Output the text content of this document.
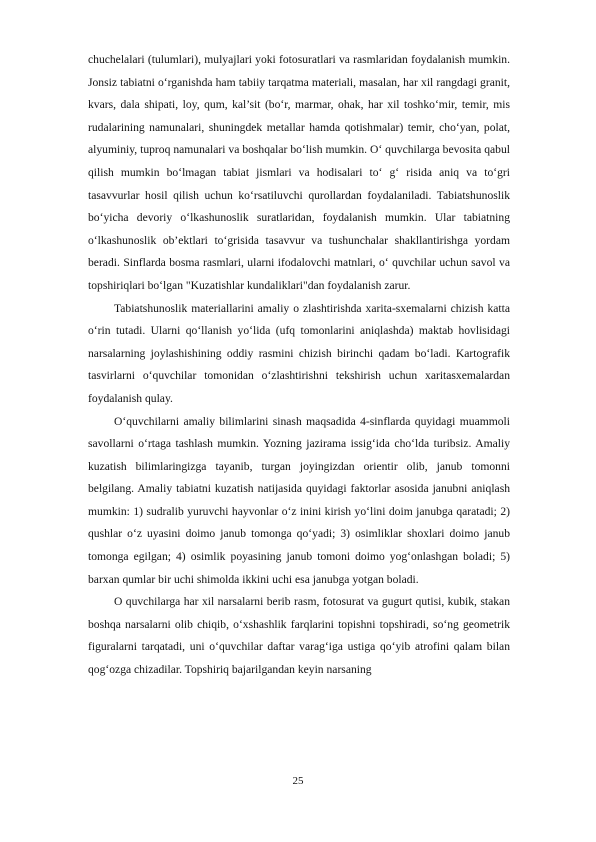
chuchelalari (tulumlari), mulyajlari yoki fotosuratlari va rasmlaridan foydalanish mumkin. Jonsiz tabiatni o‘rganishda ham tabiiy tarqatma materiali, masalan, har xil rangdagi granit, kvars, dala shipati, loy, qum, kal’sit (bo‘r, marmar, ohak, har xil toshko‘mir, temir, mis rudalarining namunalari, shuningdek metallar hamda qotishmalar) temir, cho‘yan, polat, alyuminiy, tuproq namunalari va boshqalar bo‘lish mumkin. O‘ quvchilarga bevosita qabul qilish mumkin bo‘lmagan tabiat jismlari va hodisalari to‘ g‘ risida aniq va to‘gri tasavvurlar hosil qilish uchun ko‘rsatiluvchi qurollardan foydalaniladi. Tabiatshunoslik bo‘yicha devoriy o‘lkashunoslik suratlaridan, foydalanish mumkin. Ular tabiatning o‘lkashunoslik ob’ektlari to‘grisida tasavvur va tushunchalar shakllantirishga yordam beradi. Sinflarda bosma rasmlari, ularni ifodalovchi matnlari, o‘ quvchilar uchun savol va topshiriqlari bo‘lgan "Kuzatishlar kundaliklari"dan foydalanish zarur.

Tabiatshunoslik materiallarini amaliy o zlashtirishda xarita-sxemalarni chizish katta o‘rin tutadi. Ularni qo‘llanish yo‘lida (ufq tomonlarini aniqlashda) maktab hovlisidagi narsalarning joylashishining oddiy rasmini chizish birinchi qadam bo‘ladi. Kartografik tasvirlarni o‘quvchilar tomonidan o‘zlashtirishni tekshirish uchun xaritasxemalardan foydalanish qulay.

O‘quvchilarni amaliy bilimlarini sinash maqsadida 4-sinflarda quyidagi muammoli savollarni o‘rtaga tashlash mumkin. Yozning jazirama issig‘ida cho‘lda turibsiz. Amaliy kuzatish bilimlaringizga tayanib, turgan joyingizdan orientir olib, janub tomonni belgilang. Amaliy tabiatni kuzatish natijasida quyidagi faktorlar asosida janubni aniqlash mumkin: 1) sudralib yuruvchi hayvonlar o‘z inini kirish yo‘lini doim janubga qaratadi; 2) qushlar o‘z uyasini doimo janub tomonga qo‘yadi; 3) osimliklar shoxlari doimo janub tomonga egilgan; 4) osimlik poyasining janub tomoni doimo yog‘onlashgan boladi; 5) barxan qumlar bir uchi shimolda ikkini uchi esa janubga yotgan boladi.

O quvchilarga har xil narsalarni berib rasm, fotosurat va gugurt qutisi, kubik, stakan boshqa narsalarni olib chiqib, o‘xshashlik farqlarini topishni topshiradi, so‘ng geometrik figuralarni tarqatadi, uni o‘quvchilar daftar varag‘iga ustiga qo‘yib atrofini qalam bilan qog‘ozga chizadilar. Topshiriq bajarilgandan keyin narsaning

25
